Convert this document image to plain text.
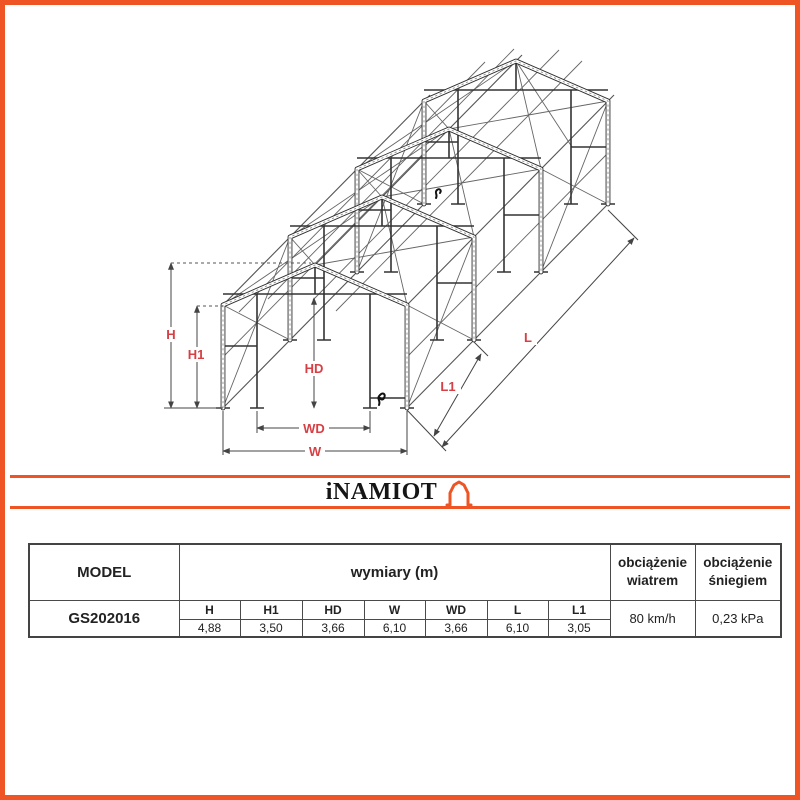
H
H1
HD
WD
W
L
L1
iNAMIOT
MODEL	wymiary (m)							obciążenie wiatrem	obciążenie śniegiem
GS202016	H	H1	HD	W	WD	L	L1	80 km/h	0,23 kPa
	4,88	3,50	3,66	6,10	3,66	6,10	3,05		
